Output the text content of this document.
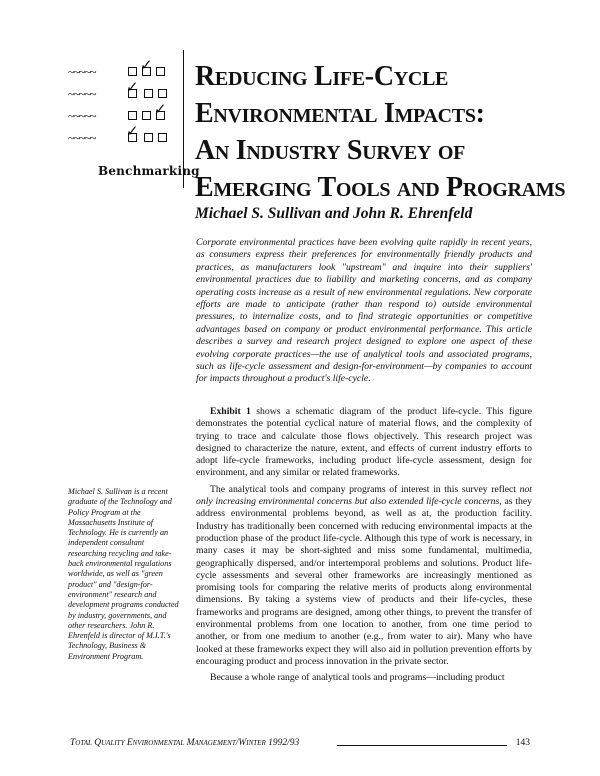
~~~~~	✓
~~~~~ ✓
~~~~~	✓
~~~~~ ✓
Benchmarking
Reducing Life-Cycle
Environmental Impacts:
An Industry Survey of
Emerging Tools and Programs
Michael S. Sullivan and John R. Ehrenfeld
Corporate environmental practices have been evolving quite rapidly in recent years, as consumers express their preferences for environmentally friendly products and practices, as manufacturers look "upstream" and inquire into their suppliers' environmental practices due to liability and marketing concerns, and as company operating costs increase as a result of new environmental regulations. New corporate efforts are made to anticipate (rather than respond to) outside environmental pressures, to internalize costs, and to find strategic opportunities or competitive advantages based on company or product environmental performance. This article describes a survey and research project designed to explore one aspect of these evolving corporate practices—the use of analytical tools and associated programs, such as life-cycle assessment and design-for-environment—by companies to account for impacts throughout a product's life-cycle.

Exhibit 1 shows a schematic diagram of the product life-cycle. This figure demonstrates the potential cyclical nature of material flows, and the complexity of trying to trace and calculate those flows objectively. This research project was designed to characterize the nature, extent, and effects of current industry efforts to adopt life-cycle frameworks, including product life-cycle assessment, design for environment, and any similar or related frameworks.

The analytical tools and company programs of interest in this survey reflect not only increasing environmental concerns but also extended life-cycle concerns, as they address environmental problems beyond, as well as at, the production facility. Industry has traditionally been concerned with reducing environmental impacts at the production phase of the product life-cycle. Although this type of work is necessary, in many cases it may be short-sighted and miss some fundamental, multimedia, geographically dispersed, and/or intertemporal problems and solutions. Product life-cycle assessments and several other frameworks are increasingly mentioned as promising tools for comparing the relative merits of products along environmental dimensions. By taking a systems view of products and their life-cycles, these frameworks and programs are designed, among other things, to prevent the transfer of environmental problems from one location to another, from one time period to another, or from one medium to another (e.g., from water to air). Many who have looked at these frameworks expect they will also aid in pollution prevention efforts by encouraging product and process innovation in the private sector.

Because a whole range of analytical tools and programs—including product

Michael S. Sullivan is a recent graduate of the Technology and Policy Program at the Massachusetts Institute of Technology. He is currently an independent consultant researching recycling and take-back environmental regulations worldwide, as well as "green product" and "design-for-environment" research and development programs conducted by industry, governments, and other researchers. John R. Ehrenfeld is director of M.I.T.'s Technology, Business & Environment Program.
Total Quality Environmental Management/Winter 1992/93	143
